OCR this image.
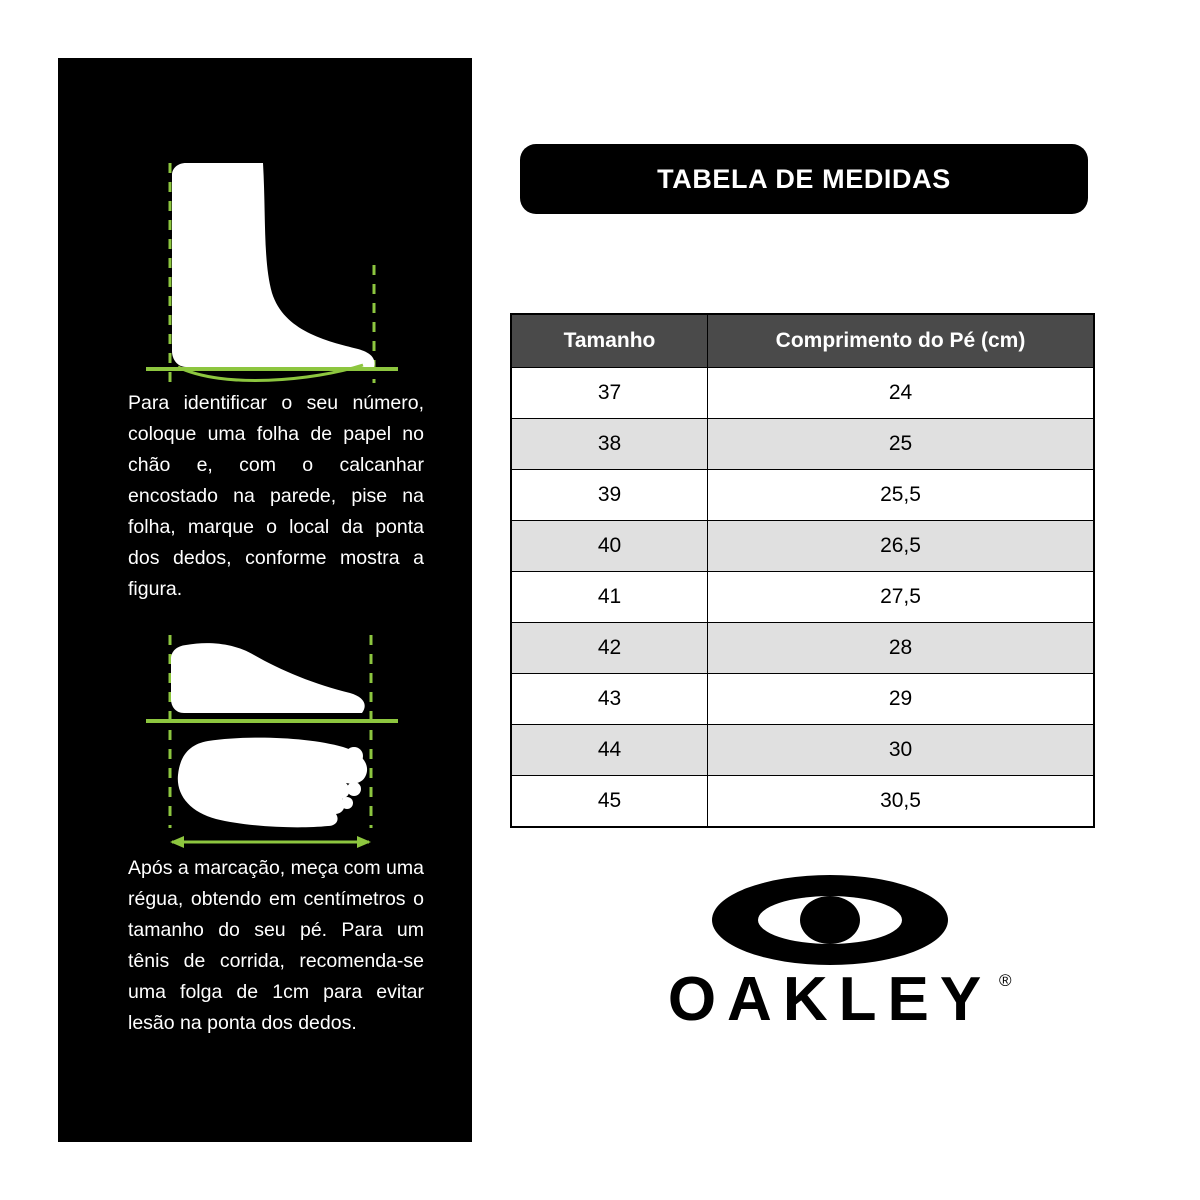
Para identificar o seu número, coloque uma folha de papel no chão e, com o calcanhar encostado na parede, pise na folha, marque o local da ponta dos dedos, conforme mostra a figura.
Após a marcação, meça com uma régua, obtendo em centímetros o tamanho do seu pé. Para um tênis de corrida, recomenda-se uma folga de 1cm para evitar lesão na ponta dos dedos.
TABELA DE MEDIDAS
Tamanho	Comprimento do Pé (cm)
37	24
38	25
39	25,5
40	26,5
41	27,5
42	28
43	29
44	30
45	30,5
OAKLEY ®
